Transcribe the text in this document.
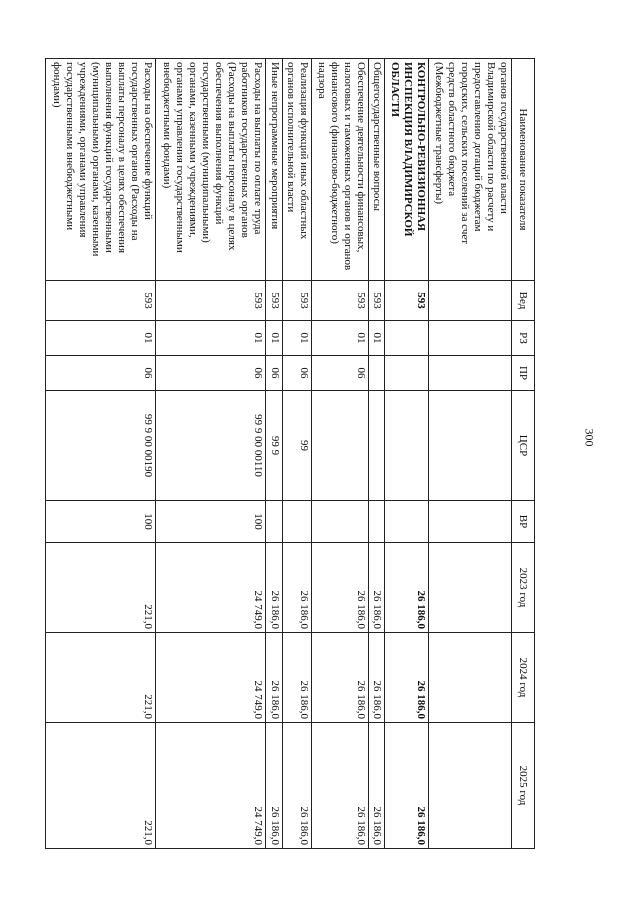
300
Наименование показателя	Вед	РЗ	ПР	ЦСР	ВР	2023 год	2024 год	2025 год
органов государственной власти Владимирской области по расчету и предоставлению дотаций бюджетам городских, сельских поселений за счет средств областного бюджета (Межбюджетные трансферты)								
КОНТРОЛЬНО-РЕВИЗИОННАЯ ИНСПЕКЦИЯ ВЛАДИМИРСКОЙ ОБЛАСТИ	593					26 186,0	26 186,0	26 186,0
Общегосударственные вопросы	593	01				26 186,0	26 186,0	26 186,0
Обеспечение деятельности финансовых, налоговых и таможенных органов и органов финансового (финансово-бюджетного) надзора	593	01	06			26 186,0	26 186,0	26 186,0
Реализация функций иных областных органов исполнительной власти	593	01	06	99		26 186,0	26 186,0	26 186,0
Иные непрограммные мероприятия	593	01	06	99 9		26 186,0	26 186,0	26 186,0
Расходы на выплаты по оплате труда работников государственных органов (Расходы на выплаты персоналу в целях обеспечения выполнения функций государственными (муниципальными) органами, казенными учреждениями, органами управления государственными внебюджетными фондами)	593	01	06	99 9 00 00110	100	24 749,0	24 749,0	24 749,0
Расходы на обеспечение функций государственных органов (Расходы на выплаты персоналу в целях обеспечения выполнения функций государственными (муниципальными) органами, казенными учреждениями, органами управления государственными внебюджетными фондами)	593	01	06	99 9 00 00190	100	221,0	221,0	221,0
